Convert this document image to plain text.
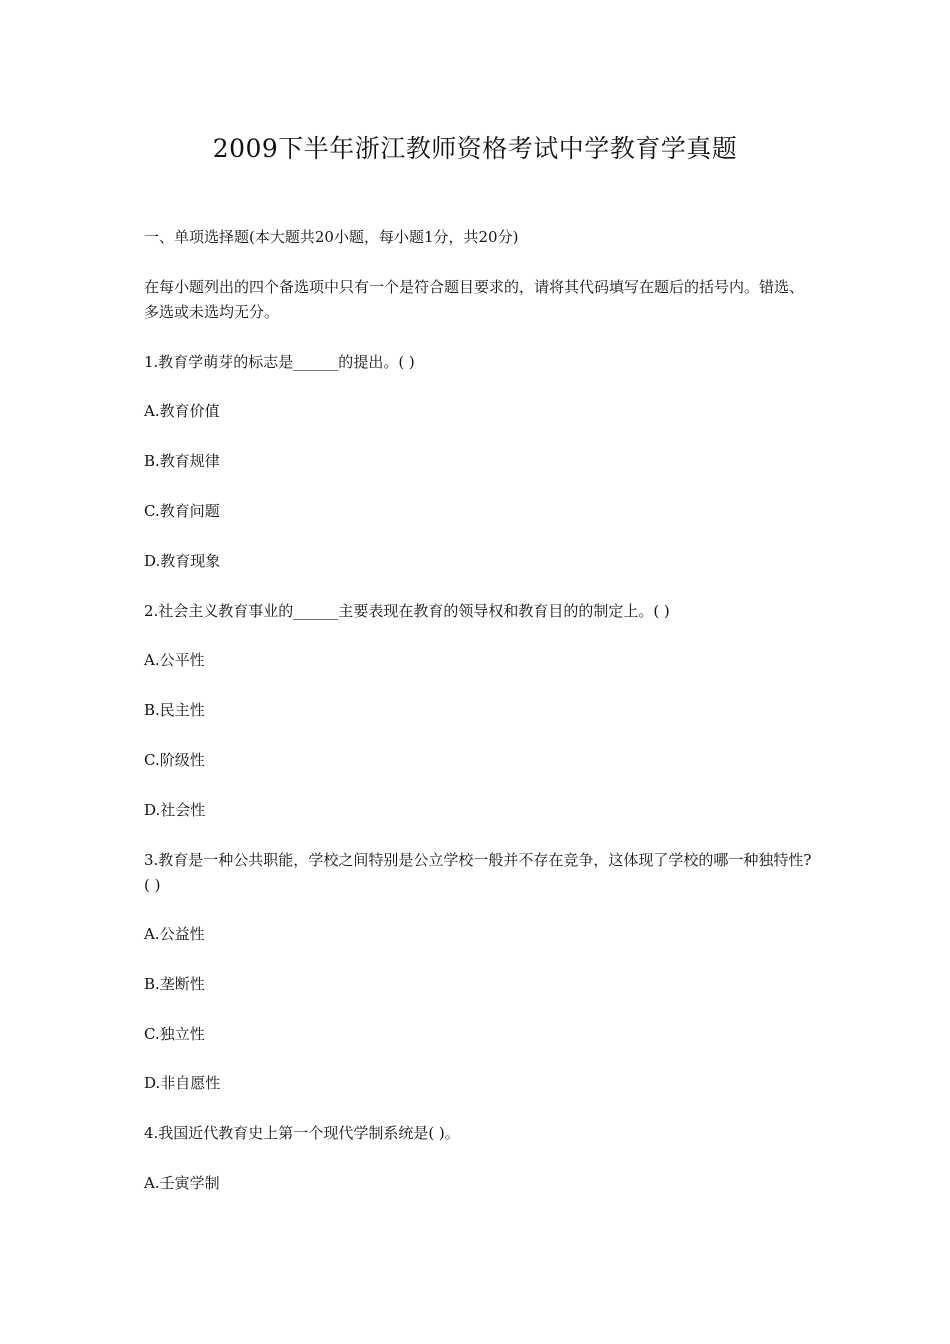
2009下半年浙江教师资格考试中学教育学真题
一、单项选择题(本大题共20小题，每小题1分，共20分)
在每小题列出的四个备选项中只有一个是符合题目要求的，请将其代码填写在题后的括号内。错选、多选或未选均无分。
1.教育学萌芽的标志是______的提出。( )
A.教育价值
B.教育规律
C.教育问题
D.教育现象
2.社会主义教育事业的______主要表现在教育的领导权和教育目的的制定上。( )
A.公平性
B.民主性
C.阶级性
D.社会性
3.教育是一种公共职能，学校之间特别是公立学校一般并不存在竞争，这体现了学校的哪一种独特性?( )
A.公益性
B.垄断性
C.独立性
D.非自愿性
4.我国近代教育史上第一个现代学制系统是( )。
A.壬寅学制
